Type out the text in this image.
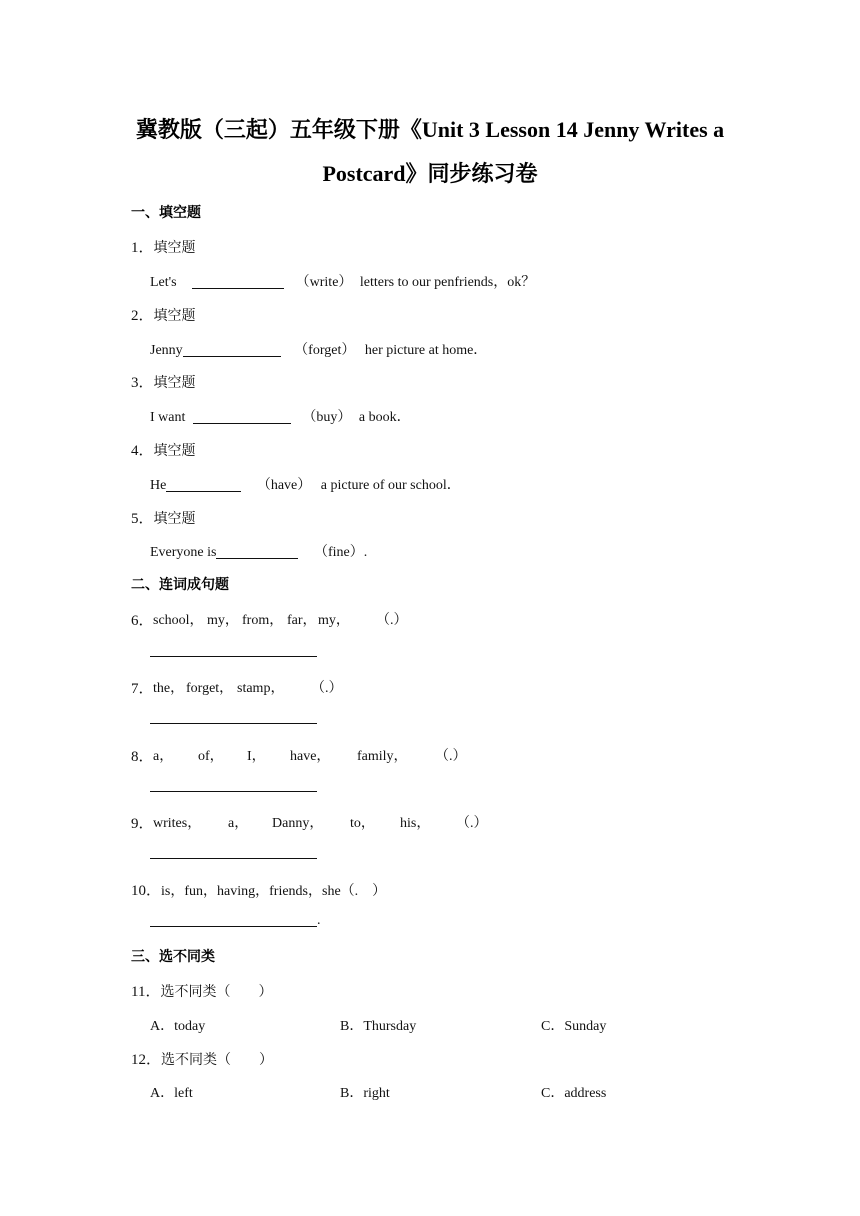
冀教版（三起）五年级下册《Unit 3 Lesson 14 Jenny Writes a
Postcard》同步练习卷
一、填空题
1．填空题
Let's	（write） letters to our penfriends，ok？
2．填空题
Jenny	（forget） her picture at home．
3．填空题
I want	（buy） a book．
4．填空题
He	（have） a picture of our school．
5．填空题
Everyone is	（fine）.
二、连词成句题
6． school， my， from， far， my， （.）
7． the， forget， stamp， （.）
8． a， of， I， have， family， （.）
9． writes， a， Danny， to， his， （.）
10．is，fun，having，friends，she（.　）
.
三、选不同类
11．选不同类（　　）
A．today	B．Thursday	C．Sunday
12．选不同类（　　）
A．left	B．right	C．address
